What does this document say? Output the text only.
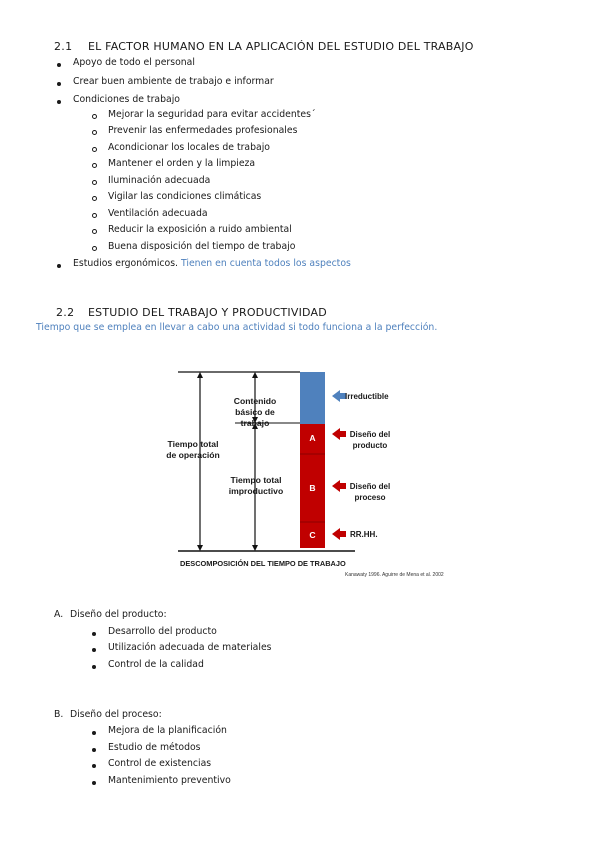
2.1 EL FACTOR HUMANO EN LA APLICACIÓN DEL ESTUDIO DEL TRABAJO
Apoyo de todo el personal
Crear buen ambiente de trabajo e informar
Condiciones de trabajo
Mejorar la seguridad para evitar accidentes´
Prevenir las enfermedades profesionales
Acondicionar los locales de trabajo
Mantener el orden y la limpieza
Iluminación adecuada
Vigilar las condiciones climáticas
Ventilación adecuada
Reducir la exposición a ruido ambiental
Buena disposición del tiempo de trabajo
Estudios ergonómicos. Tienen en cuenta todos los aspectos
2.2 ESTUDIO DEL TRABAJO Y PRODUCTIVIDAD
Tiempo que se emplea en llevar a cabo una actividad si todo funciona a la perfección.
Tiempo total de operación
Contenido básico de trabajo
Tiempo total improductivo
A
B
C
Irreductible
Diseño del producto
Diseño del proceso
RR.HH.
DESCOMPOSICIÓN DEL TIEMPO DE TRABAJO
Kanawaty 1996. Aguirre de Mena et al. 2002
A. Diseño del producto:
Desarrollo del producto
Utilización adecuada de materiales
Control de la calidad
B. Diseño del proceso:
Mejora de la planificación
Estudio de métodos
Control de existencias
Mantenimiento preventivo
